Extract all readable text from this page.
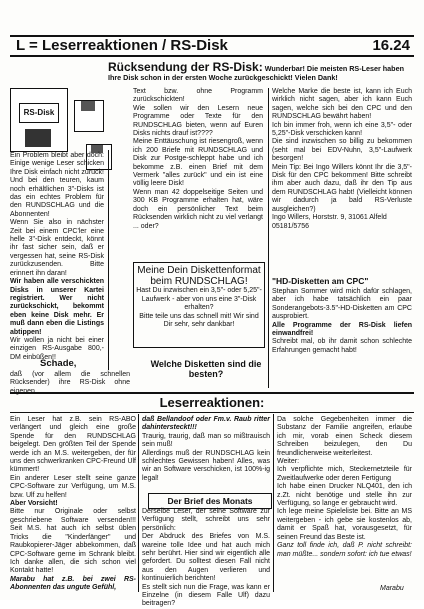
L = Leserreaktionen / RS-Disk	16.24
Rücksendung der RS-Disk: Wunderbar! Die meisten RS-Leser haben Ihre Disk schon in der ersten Woche zurückgeschickt! Vielen Dank!
RS-Disk

Ein Problem bleibt aber doch: Einige wenige Leser schicken Ihre Disk einfach nicht zurück! Und bei den teuren, kaum noch erhältlichen 3"-Disks ist das ein echtes Problem für den RUNDSCHLAG und die Abonnenten!

Wenn Sie also in nächster Zeit bei einem CPC'ler eine helle 3"-Disk entdeckt, könnt ihr fast sicher sein, daß er vergessen hat, seine RS-Disk zurückzusenden. Bitte erinnert ihn daran!

Wir haben alle verschickten Disks in unserer Kartei registriert. Wer nicht zurückschickt, bekommt eben keine Disk mehr. Er muß dann eben die Listings abtippen!

Wir wollen ja nicht bei einer einzigen RS-Ausgabe 800,- DM einbüßen!!

Schade,

daß (vor allem die schnellen Rücksender) ihre RS-Disk ohne eigenen

Text bzw. ohne Programm zurückschickten!

Wie sollen wir den Lesern neue Programme oder Texte für den RUNDSCHLAG bieten, wenn auf Euren Disks nichts drauf ist????

Meine Enttäuschung ist riesengroß, wenn ich 200 Briefe mit RUNDSCHLAG und Disk zur Postge-schleppt habe und ich bekomme z.B. einen Brief mit dem Vermerk "alles zurück" und ein ist eine völlig leere Disk!

Wenn man 42 doppelseitige Seiten und 300 KB Programme erhalten hat, wäre doch ein persönlicher Text beim Rücksenden wirklich nicht zu viel verlangt ... oder?

Meine Dein Diskettenformat beim RUNDSCHLAG!
Hast Du inzwischen ein 3,5"- oder 5,25"-Laufwerk - aber von uns eine 3"-Disk erhalten?
Bitte teile uns das schnell mit! Wir sind Dir sehr, sehr dankbar!
Welche Disketten sind die besten?

Welche Marke die beste ist, kann ich Euch wirklich nicht sagen, aber ich kann Euch sagen, welche sich bei den CPC und den RUNDSCHLAG bewährt haben!

Ich bin immer froh, wenn ich eine 3,5"- oder 5,25"-Disk verschicken kann!

Die sind inzwischen so billig zu bekommen (seht mal bei EDV-Nuhn, 3,5"-Laufwerk besorgen!

Mein Tip: Bei Ingo Willers könnt Ihr die 3,5"-Disk für den CPC bekommen! Bitte schreibt ihm aber auch dazu, daß ihr den Tip aus dem RUNDSCHLAG habt! (Vielleicht können wir dadurch ja bald RS-Verluste ausgleichen?)

Ingo Willers, Horststr. 9, 31061 Alfeld

05181/5756

"HD-Disketten am CPC"

Stephan Sommer wird mich dafür schlagen, aber ich habe tatsächlich ein paar Sonderangebots-3.5"-HD-Disketten am CPC ausprobiert.

Alle Programme der RS-Disk liefen einwandfrei!

Schreibt mal, ob ihr damit schon schlechte Erfahrungen gemacht habt!

Leserreaktionen:

Ein Leser hat z.B. sein RS-ABO verlängert und gleich eine große Spende für den RUNDSCHLAG beigelegt. Den größten Teil der Spende werde ich an M.S. weitergeben, der für uns den schwerkranken CPC-Freund Ulf kümmert!

Ein anderer Leser stellt seine ganze CPC-Software zur Verfügung, um M.S. bzw. Ulf zu helfen!

Aber Vorsicht!

Bitte nur Originale oder selbst geschriebene Software versenden!!! Seit M.S. hat auch ich selbst üblen Tricks die "Kinderfänger" und Raubkopierer-Jäger abbekommen, daß CPC-Software gerne im Schrank bleibt. Ich danke allen, die sich schon viel Kontakt hatte!

Marabu hat z.B. bei zwei RS-Abonnenten das ungute Gefühl,

daß Bellandoof oder Fm.v. Raub ritter dahintersteckt!!!

Traurig, traurig, daß man so mißtrauisch sein muß!

Allerdings muß der RUNDSCHLAG kein schlechtes Gewissen haben! Alles, was wir an Software verschicken, ist 100%-ig legal!

Der Brief des Monats

Derselbe Leser, der seine Software zur Verfügung stellt, schreibt uns sehr persönlich:

Der Abdruck des Briefes von M.S. wareine tolle Idee und hat auch mich sehr berührt. Hier sind wir eigentlich alle gefordert. Du solltest diesen Fall nicht aus den Augen verlieren und kontinuierlich berichten!

Es stellt sich nun die Frage, was kann er Einzelne (in diesem Falle Ulf) dazu beitragen?

Da solche Gegebenheiten immer die Substanz der Familie angreifen, erlaube ich mir, vorab einen Scheck diesem Schreiben beizulegen, den Du freundlicherweise weiterleitest.

Weiter:

Ich verpflichte mich, Steckernetzteile für Zweitlaufwerke oder deren Fertigung

Ich habe einen Drucker NLQ401, den ich z.Zt. nicht benötige und stelle ihn zur Verfügung, so lange er gebraucht wird.

Ich lege meine Spieleliste bei. Bitte an MS weitergeben - ich gebe sie kostenlos ab, damit er Spaß hat, vorausgesetzt, für seinen Freund das Beste ist.

Ganz toll finde ich, daß P. nicht schreibt: man müßte... sondern sofort: ich tue etwas!

Marabu
